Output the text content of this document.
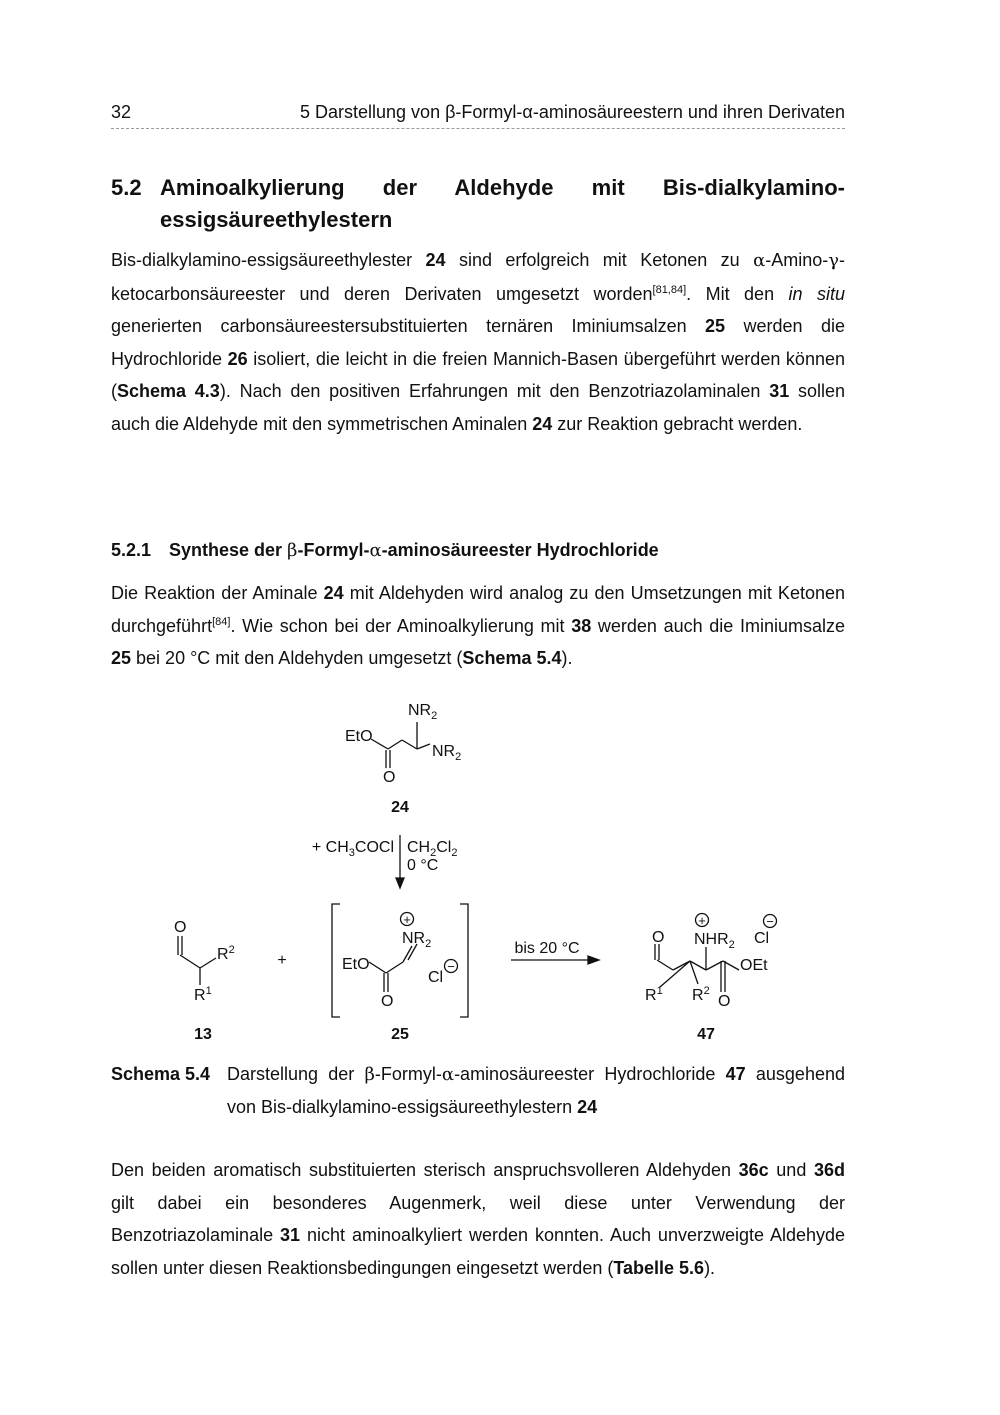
32	5 Darstellung von β-Formyl-α-aminosäureestern und ihren Derivaten
5.2 Aminoalkylierung der Aldehyde mit Bis-dialkylamino-essigsäureethylestern

Bis-dialkylamino-essigsäureethylester 24 sind erfolgreich mit Ketonen zu α-Amino-γ-ketocarbonsäureester und deren Derivaten umgesetzt worden[81,84]. Mit den in situ generierten carbonsäureestersubstituierten ternären Iminiumsalzen 25 werden die Hydrochloride 26 isoliert, die leicht in die freien Mannich-Basen übergeführt werden können (Schema 4.3). Nach den positiven Erfahrungen mit den Benzotriazolaminalen 31 sollen auch die Aldehyde mit den symmetrischen Aminalen 24 zur Reaktion gebracht werden.

5.2.1 Synthese der β-Formyl-α-aminosäureester Hydrochloride

Die Reaktion der Aminale 24 mit Aldehyden wird analog zu den Umsetzungen mit Ketonen durchgeführt[84]. Wie schon bei der Aminoalkylierung mit 38 werden auch die Iminiumsalze 25 bei 20 °C mit den Aldehyden umgesetzt (Schema 5.4).

$NR_2$
EtO
$NR_2$
O
24
+ $CH_3COCl$ $CH_2Cl_2$
0 °C
O
$R^2$
$R^1$
13
+
+
$NR_2$
EtO
O
Cl
−
25
bis 20 °C
O
+
$NHR_2$ Cl
−
OEt
$R^1$ $R^2$
O
47
Schema 5.4 Darstellung der β-Formyl-α-aminosäureester Hydrochloride 47 ausgehend von Bis-dialkylamino-essigsäureethylestern 24

Den beiden aromatisch substituierten sterisch anspruchsvolleren Aldehyden 36c und 36d gilt dabei ein besonderes Augenmerk, weil diese unter Verwendung der Benzotriazolaminale 31 nicht aminoalkyliert werden konnten. Auch unverzweigte Aldehyde sollen unter diesen Reaktionsbedingungen eingesetzt werden (Tabelle 5.6).
